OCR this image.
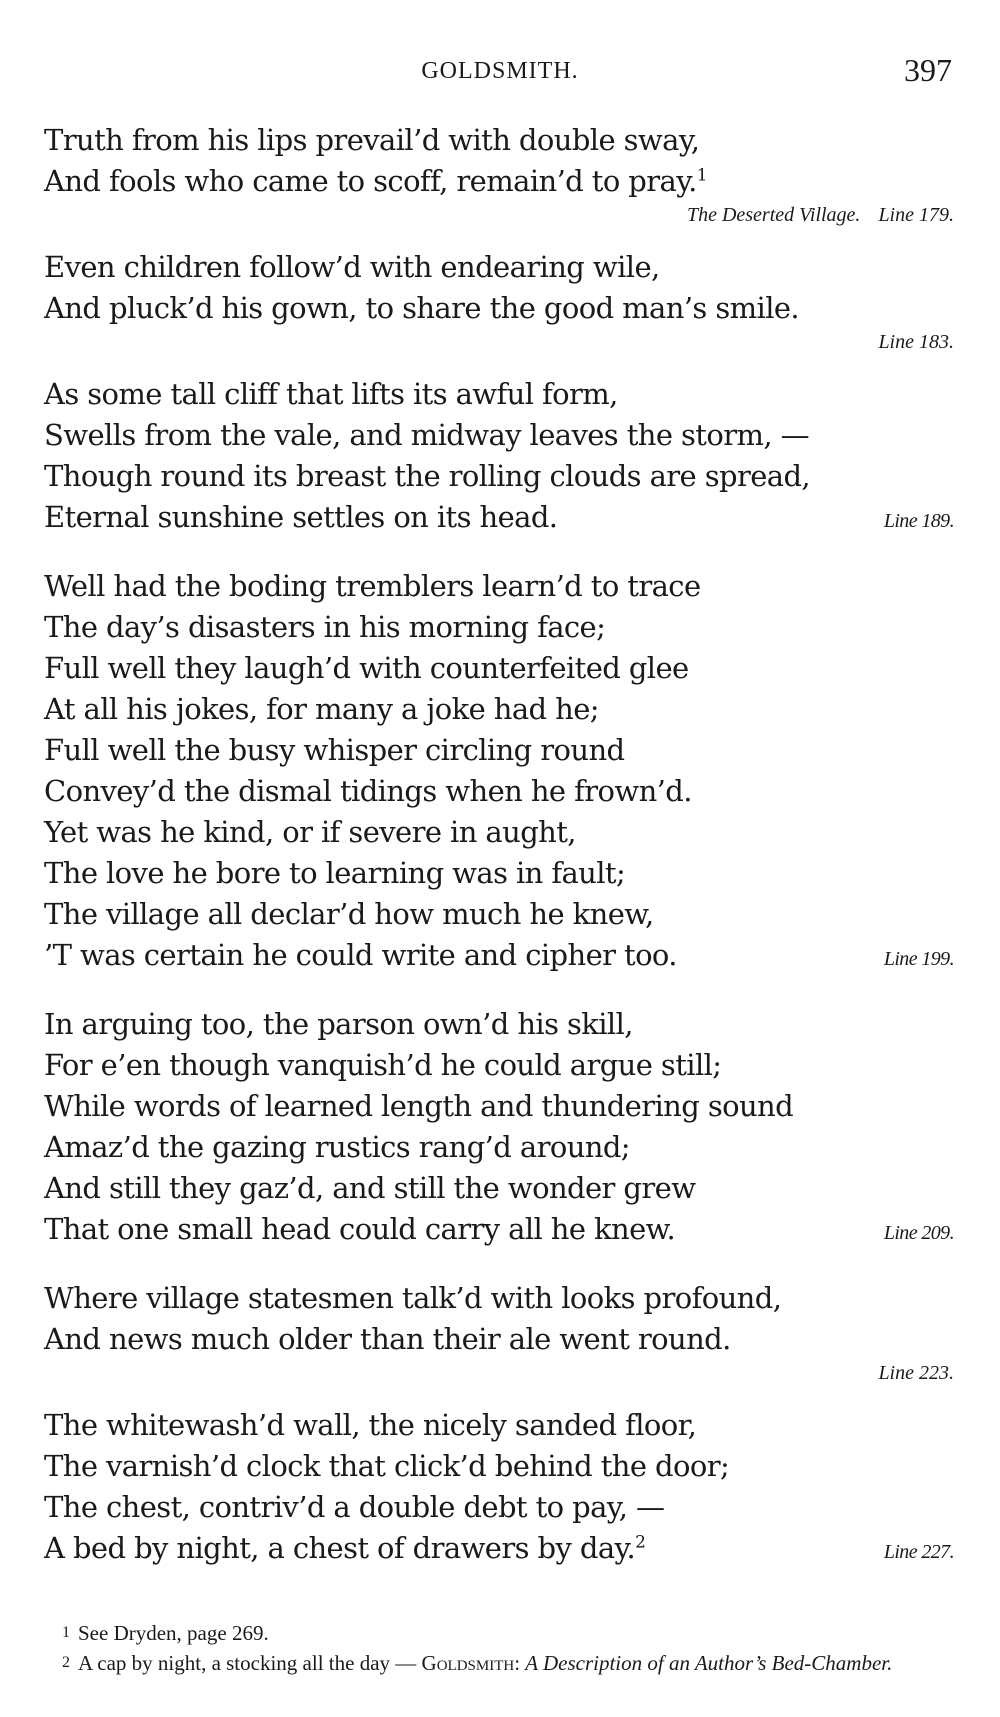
GOLDSMITH.	397
Truth from his lips prevail’d with double sway,
And fools who came to scoff, remain’d to pray.$^1$
The Deserted Village. Line 179.
Even children follow’d with endearing wile,
And pluck’d his gown, to share the good man’s smile.
Line 183.
As some tall cliff that lifts its awful form,
Swells from the vale, and midway leaves the storm, —
Though round its breast the rolling clouds are spread,
Eternal sunshine settles on its head.	Line 189.
Well had the boding tremblers learn’d to trace
The day’s disasters in his morning face;
Full well they laugh’d with counterfeited glee
At all his jokes, for many a joke had he;
Full well the busy whisper circling round
Convey’d the dismal tidings when he frown’d.
Yet was he kind, or if severe in aught,
The love he bore to learning was in fault;
The village all declar’d how much he knew,
’T was certain he could write and cipher too.	Line 199.
In arguing too, the parson own’d his skill,
For e’en though vanquish’d he could argue still;
While words of learned length and thundering sound
Amaz’d the gazing rustics rang’d around;
And still they gaz’d, and still the wonder grew
That one small head could carry all he knew.	Line 209.
Where village statesmen talk’d with looks profound,
And news much older than their ale went round.
Line 223.
The whitewash’d wall, the nicely sanded floor,
The varnish’d clock that click’d behind the door;
The chest, contriv’d a double debt to pay, —
A bed by night, a chest of drawers by day.$^2$	Line 227.
1 See Dryden, page 269.
2 A cap by night, a stocking all the day — Goldsmith: A Description of an Author’s Bed-Chamber.
